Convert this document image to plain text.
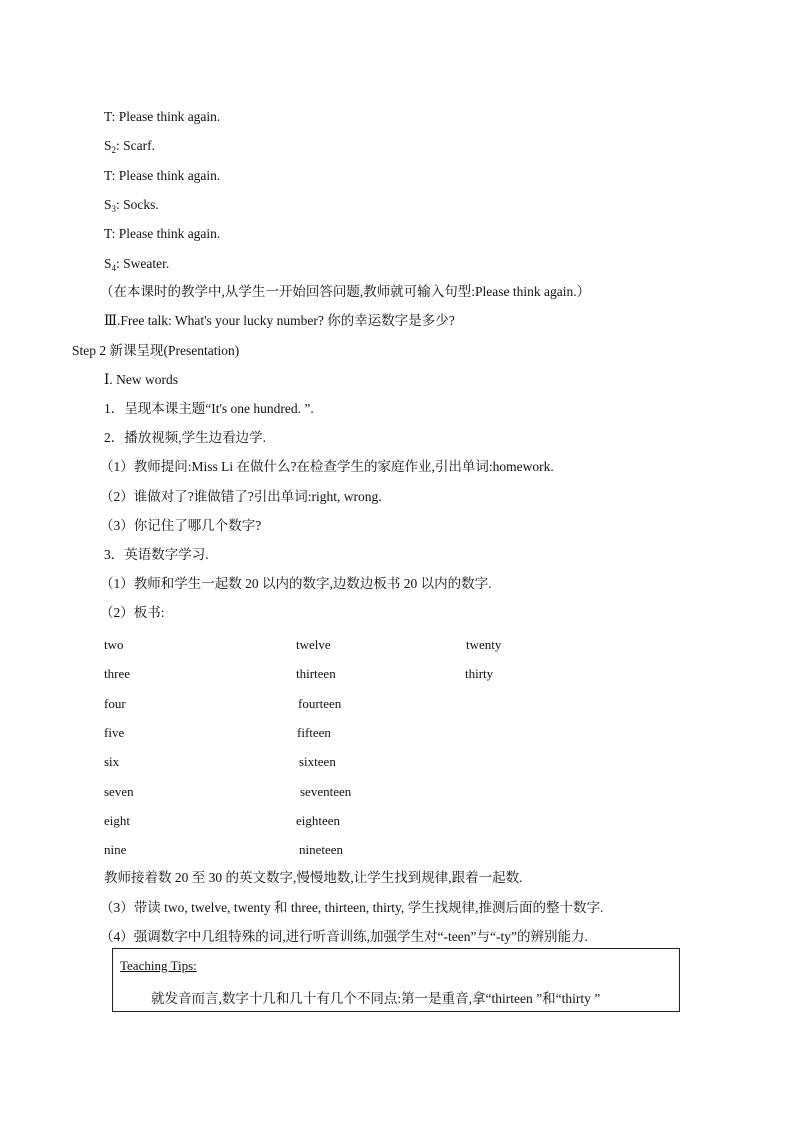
T: Please think again.
$S_2$: Scarf.
T: Please think again.
$S_3$: Socks.
T: Please think again.
$S_4$: Sweater.
（在本课时的教学中,从学生一开始回答问题,教师就可输入句型:Please think again.）
Ⅲ.Free talk: What's your lucky number? 你的幸运数字是多少?
Step 2 新课呈现(Presentation)
Ⅰ. New words
1．呈现本课主题“It's one hundred. ”.
2．播放视频,学生边看边学.
（1）教师提问:Miss Li 在做什么?在检查学生的家庭作业,引出单词:homework.
（2）谁做对了?谁做错了?引出单词:right, wrong.
（3）你记住了哪几个数字?
3．英语数字学习.
（1）教师和学生一起数 20 以内的数字,边数边板书 20 以内的数字.
（2）板书:
two
three
four
five
six
seven
eight
nine
twelve
thirteen
fourteen
fifteen
sixteen
seventeen
eighteen
nineteen
twenty
thirty
教师接着数 20 至 30 的英文数字,慢慢地数,让学生找到规律,跟着一起数.
（3）带读 two, twelve, twenty 和 three, thirteen, thirty, 学生找规律,推测后面的整十数字.
（4）强调数字中几组特殊的词,进行听音训练,加强学生对“-teen”与“-ty”的辨别能力.
Teaching Tips:
就发音而言,数字十几和几十有几个不同点:第一是重音,拿“thirteen ”和“thirty ”
